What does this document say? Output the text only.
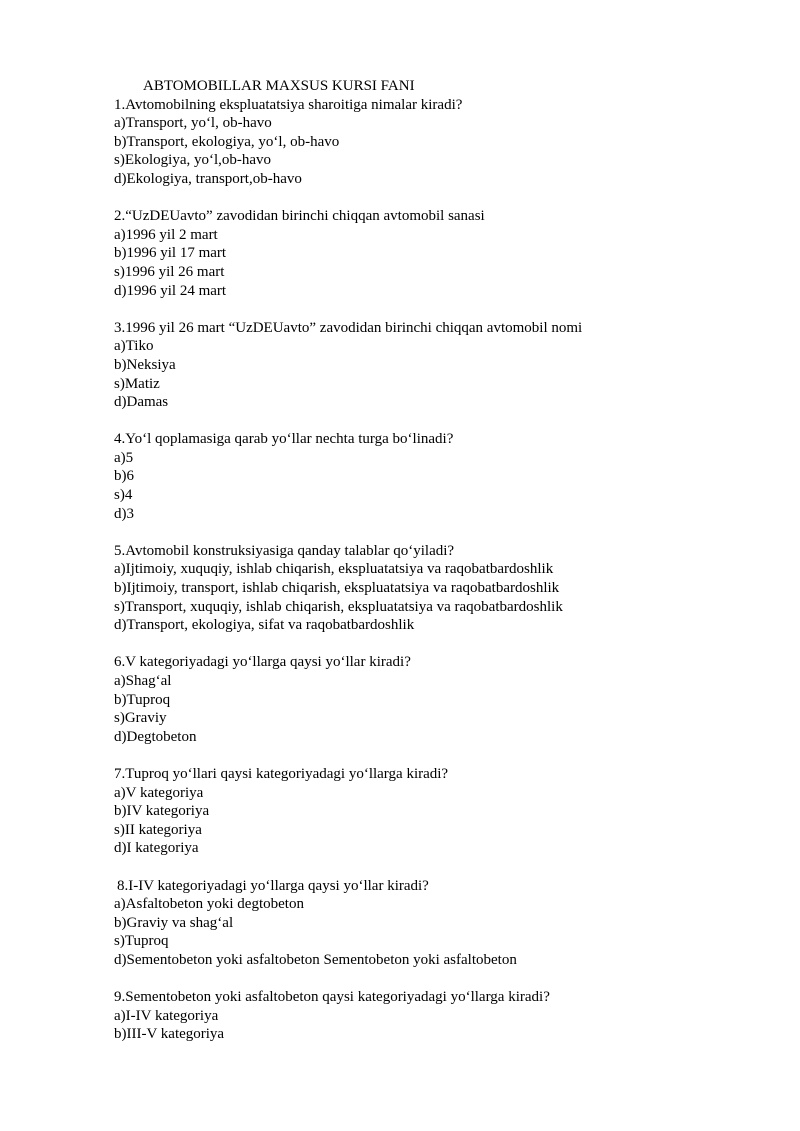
ABTOMOBILLAR MAXSUS KURSI FANI
1.Avtomobilning ekspluatatsiya sharoitiga nimalar kiradi?
a)Transport, yo‘l, ob-havo
b)Transport, ekologiya, yo‘l, ob-havo
s)Ekologiya, yo‘l,ob-havo
d)Ekologiya, transport,ob-havo
2.“UzDEUavto” zavodidan birinchi chiqqan avtomobil sanasi
a)1996 yil 2 mart
b)1996 yil 17 mart
s)1996 yil 26 mart
d)1996 yil 24 mart
3.1996 yil 26 mart “UzDEUavto” zavodidan birinchi chiqqan avtomobil nomi
a)Tiko
b)Neksiya
s)Matiz
d)Damas
4.Yo‘l qoplamasiga qarab yo‘llar nechta turga bo‘linadi?
a)5
b)6
s)4
d)3
5.Avtomobil konstruksiyasiga qanday talablar qo‘yiladi?
a)Ijtimoiy, xuquqiy, ishlab chiqarish, ekspluatatsiya va raqobatbardoshlik
b)Ijtimoiy, transport, ishlab chiqarish, ekspluatatsiya va raqobatbardoshlik
s)Transport, xuquqiy, ishlab chiqarish, ekspluatatsiya va raqobatbardoshlik
d)Transport, ekologiya, sifat va raqobatbardoshlik
6.V kategoriyadagi yo‘llarga qaysi yo‘llar kiradi?
a)Shag‘al
b)Tuproq
s)Graviy
d)Degtobeton
7.Tuproq yo‘llari qaysi kategoriyadagi yo‘llarga kiradi?
a)V kategoriya
b)IV kategoriya
s)II kategoriya
d)I kategoriya
8.I-IV kategoriyadagi yo‘llarga qaysi yo‘llar kiradi?
a)Asfaltobeton yoki degtobeton
b)Graviy va shag‘al
s)Tuproq
d)Sementobeton yoki asfaltobeton Sementobeton yoki asfaltobeton
9.Sementobeton yoki asfaltobeton qaysi kategoriyadagi yo‘llarga kiradi?
a)I-IV kategoriya
b)III-V kategoriya
